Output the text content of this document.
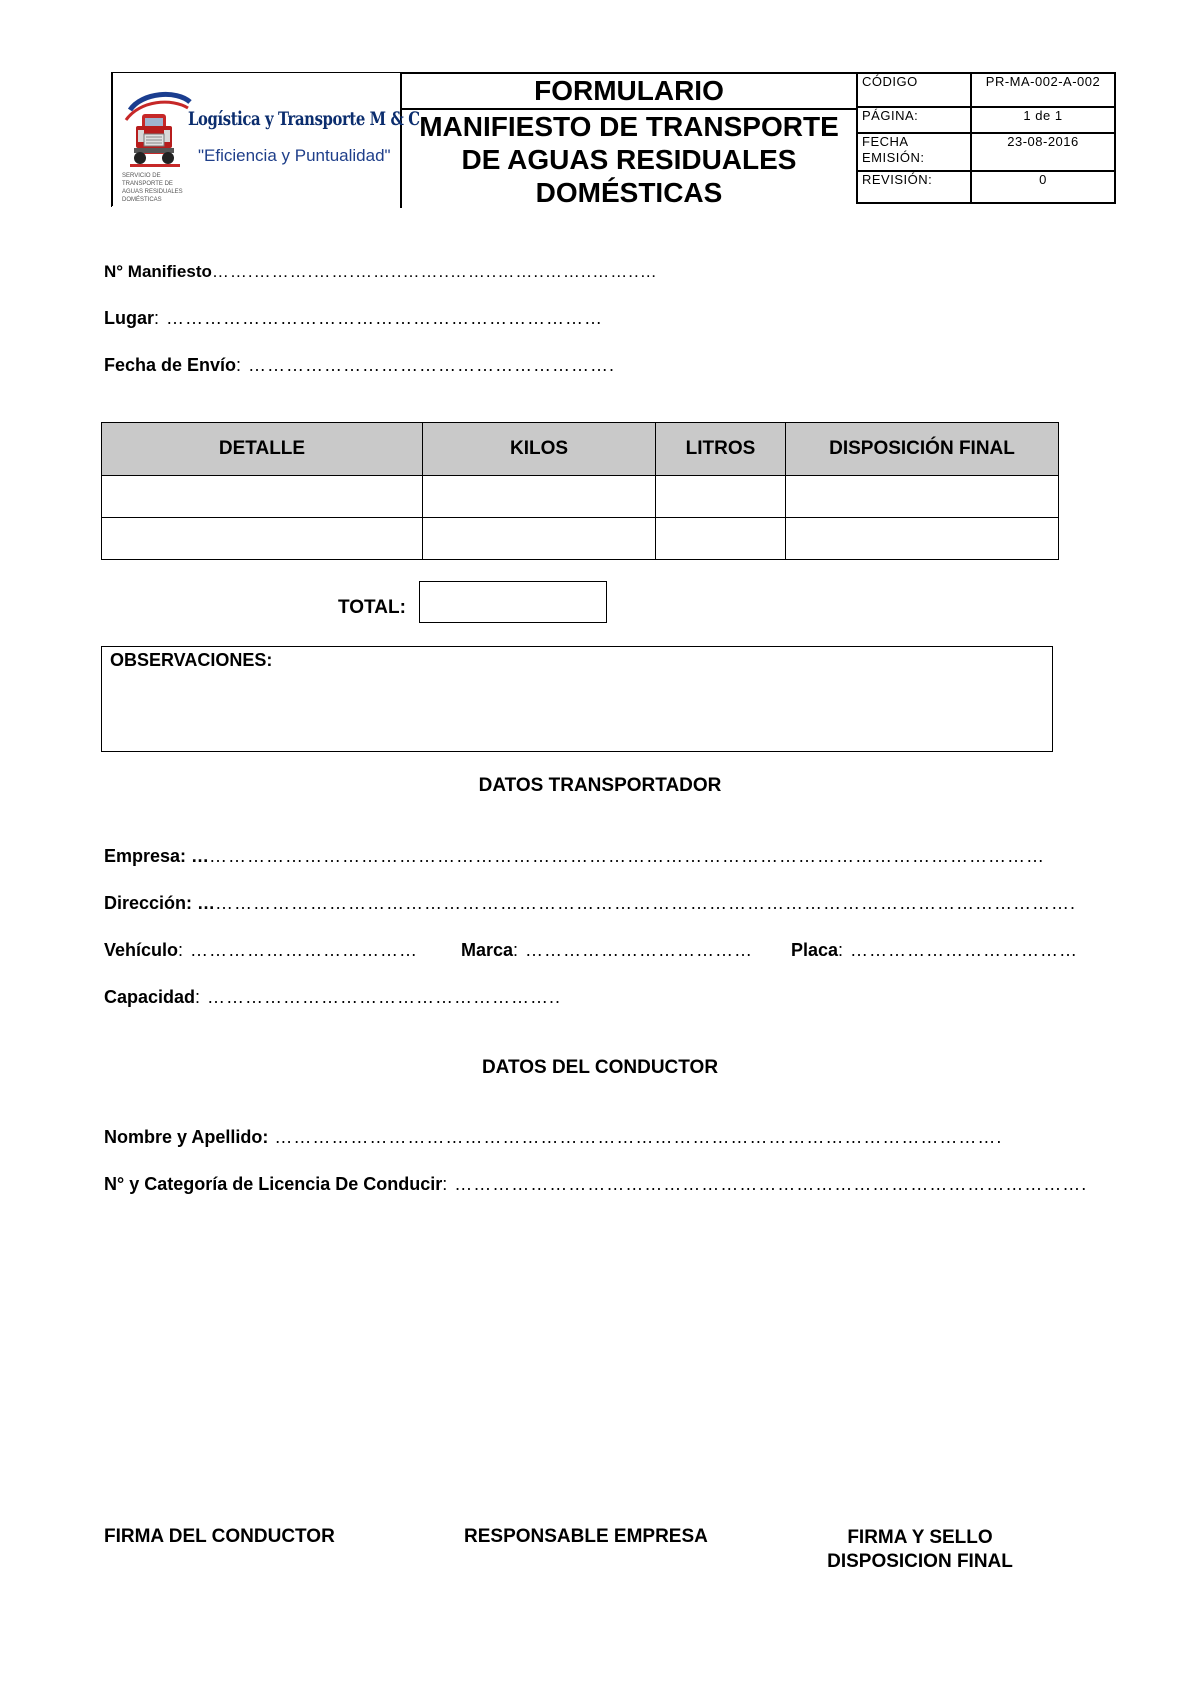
Logística y Transporte M & C
"Eficiencia y Puntualidad"
SERVICIO DE TRANSPORTE DE AGUAS RESIDUALES DOMÉSTICAS
FORMULARIO
MANIFIESTO DE TRANSPORTE
DE AGUAS RESIDUALES
DOMÉSTICAS
CÓDIGO	PR-MA-002-A-002
PÁGINA:	1 de 1
FECHA EMISIÓN:	23-08-2016
REVISIÓN:	0
N° Manifiesto…….……….…….……..……..……..……..……..……..…
Lugar: ……………………………………………………………
Fecha de Envío: ………………………………………………….
DETALLE	KILOS	LITROS	DISPOSICIÓN FINAL

TOTAL:
OBSERVACIONES:
DATOS TRANSPORTADOR
Empresa: ………………………………………………………………………………………………………………………
Dirección: ………………………………………………………………………………………………………………………….
Vehículo: ……………………………… Marca: ……………………………… Placa: ………………………………
Capacidad: ………………………………………………..
DATOS DEL CONDUCTOR
Nombre y Apellido: …………………………………………………………………………………………………….
N° y Categoría de Licencia De Conducir: ……………………………………………………………………………………….
FIRMA DEL CONDUCTOR	RESPONSABLE EMPRESA	FIRMA Y SELLO
DISPOSICION FINAL
